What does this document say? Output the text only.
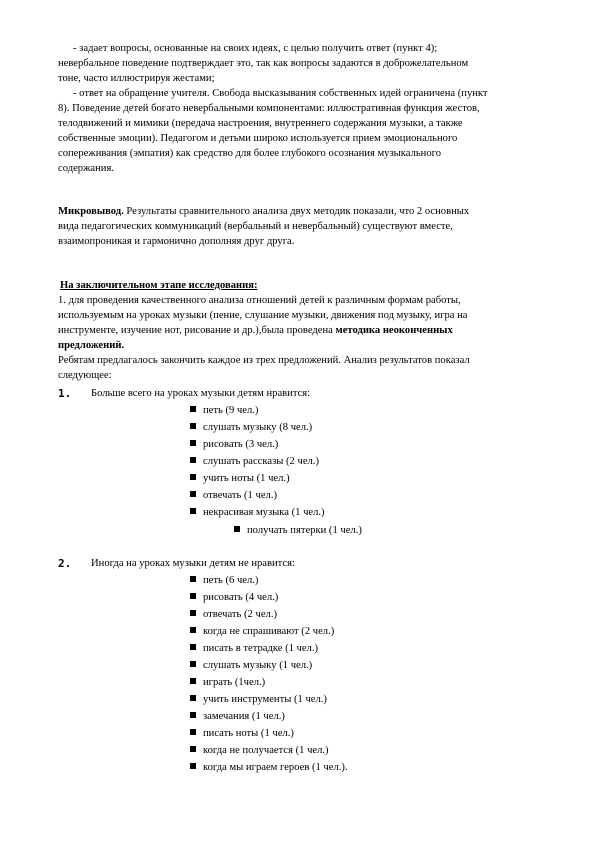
- задает вопросы, основанные на своих идеях, с целью получить ответ (пункт 4);
невербальное поведение подтверждает это, так как вопросы задаются в доброжелательном
тоне, часто иллюстрируя жестами;
- ответ на обращение учителя. Свобода высказывания собственных идей ограничена (пункт
8). Поведение детей богато невербальными компонентами: иллюстративная функция жестов,
телодвижений и мимики (передача настроения, внутреннего содержания музыки, а также
собственные эмоции). Педагогом и детьми широко используется прием эмоционального
сопереживания (эмпатия) как средство для более глубокого осознания музыкального
содержания.
Микровывод. Результаты сравнительного анализа двух методик показали, что 2 основных
вида педагогических коммуникаций (вербальный и невербальный) существуют вместе,
взаимопроникая и гармонично дополняя друг друга.
На заключительном этапе исследования:
1. для проведения качественного анализа отношений детей к различным формам работы,
используемым на уроках музыки (пение, слушание музыки, движения под музыку, игра на
инструменте, изучение нот, рисование и др.),была проведена методика неоконченных
предложений.
Ребятам предлагалось закончить каждое из трех предложений. Анализ результатов показал
следующее:
1. Больше всего на уроках музыки детям нравится:
петь (9 чел.)
слушать музыку (8 чел.)
рисовать (3 чел.)
слушать рассказы (2 чел.)
учить ноты (1 чел.)
отвечать (1 чел.)
некрасивая музыка (1 чел.)
получать пятерки (1 чел.)
2. Иногда на уроках музыки детям не нравится:
петь (6 чел.)
рисовать (4 чел.)
отвечать (2 чел.)
когда не спрашивают (2 чел.)
писать в тетрадке (1 чел.)
слушать музыку (1 чел.)
играть (1чел.)
учить инструменты (1 чел.)
замечания (1 чел.)
писать ноты (1 чел.)
когда не получается (1 чел.)
когда мы играем героев (1 чел.).
